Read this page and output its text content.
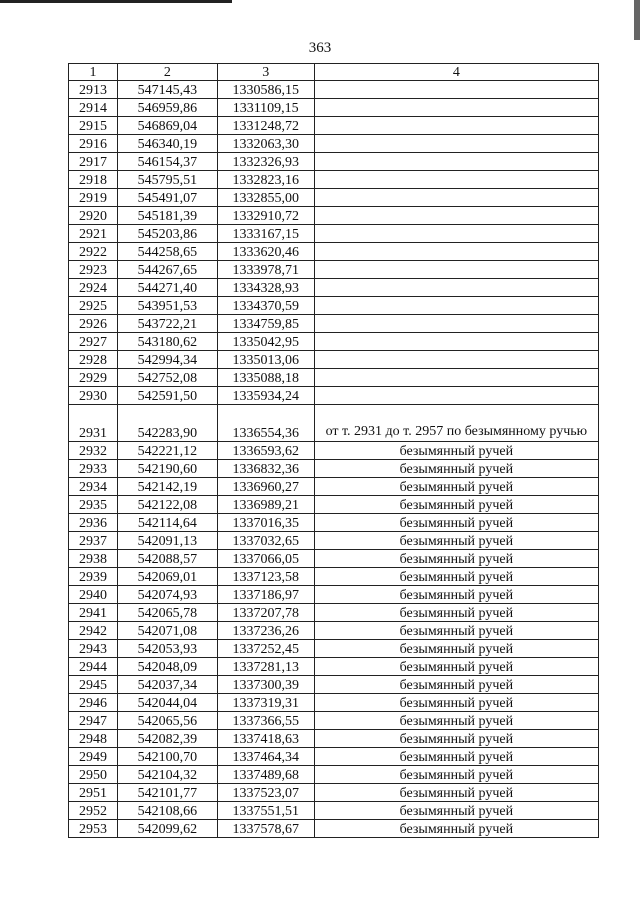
363
1	2	3	4
2913	547145,43	1330586,15	
2914	546959,86	1331109,15	
2915	546869,04	1331248,72	
2916	546340,19	1332063,30	
2917	546154,37	1332326,93	
2918	545795,51	1332823,16	
2919	545491,07	1332855,00	
2920	545181,39	1332910,72	
2921	545203,86	1333167,15	
2922	544258,65	1333620,46	
2923	544267,65	1333978,71	
2924	544271,40	1334328,93	
2925	543951,53	1334370,59	
2926	543722,21	1334759,85	
2927	543180,62	1335042,95	
2928	542994,34	1335013,06	
2929	542752,08	1335088,18	
2930	542591,50	1335934,24	
2931	542283,90	1336554,36	от т. 2931 до т. 2957 по безымянному ручью

2932	542221,12	1336593,62	безымянный ручей
2933	542190,60	1336832,36	безымянный ручей
2934	542142,19	1336960,27	безымянный ручей
2935	542122,08	1336989,21	безымянный ручей
2936	542114,64	1337016,35	безымянный ручей
2937	542091,13	1337032,65	безымянный ручей
2938	542088,57	1337066,05	безымянный ручей
2939	542069,01	1337123,58	безымянный ручей
2940	542074,93	1337186,97	безымянный ручей
2941	542065,78	1337207,78	безымянный ручей
2942	542071,08	1337236,26	безымянный ручей
2943	542053,93	1337252,45	безымянный ручей
2944	542048,09	1337281,13	безымянный ручей
2945	542037,34	1337300,39	безымянный ручей
2946	542044,04	1337319,31	безымянный ручей
2947	542065,56	1337366,55	безымянный ручей
2948	542082,39	1337418,63	безымянный ручей
2949	542100,70	1337464,34	безымянный ручей
2950	542104,32	1337489,68	безымянный ручей
2951	542101,77	1337523,07	безымянный ручей
2952	542108,66	1337551,51	безымянный ручей
2953	542099,62	1337578,67	безымянный ручей
